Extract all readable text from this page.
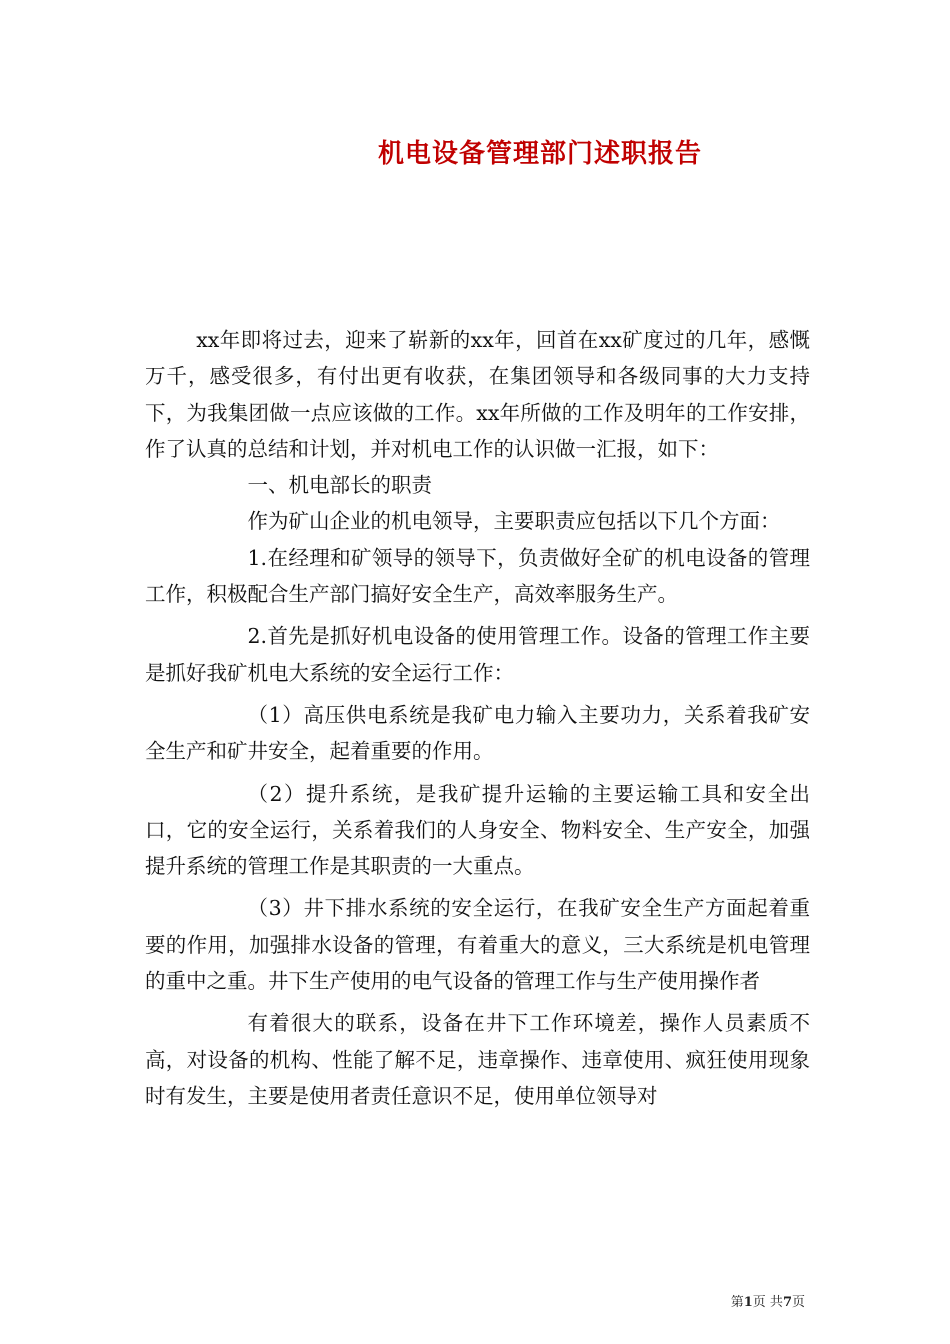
机电设备管理部门述职报告

xx年即将过去，迎来了崭新的xx年，回首在xx矿度过的几年，感慨万千，感受很多，有付出更有收获，在集团领导和各级同事的大力支持下，为我集团做一点应该做的工作。xx年所做的工作及明年的工作安排，作了认真的总结和计划，并对机电工作的认识做一汇报，如下：

一、机电部长的职责

作为矿山企业的机电领导，主要职责应包括以下几个方面：

1.在经理和矿领导的领导下，负责做好全矿的机电设备的管理工作，积极配合生产部门搞好安全生产，高效率服务生产。

2.首先是抓好机电设备的使用管理工作。设备的管理工作主要是抓好我矿机电大系统的安全运行工作：

（1）高压供电系统是我矿电力输入主要功力，关系着我矿安全生产和矿井安全，起着重要的作用。

（2）提升系统，是我矿提升运输的主要运输工具和安全出口，它的安全运行，关系着我们的人身安全、物料安全、生产安全，加强提升系统的管理工作是其职责的一大重点。

（3）井下排水系统的安全运行，在我矿安全生产方面起着重要的作用，加强排水设备的管理，有着重大的意义，三大系统是机电管理的重中之重。井下生产使用的电气设备的管理工作与生产使用操作者

有着很大的联系，设备在井下工作环境差，操作人员素质不高，对设备的机构、性能了解不足，违章操作、违章使用、疯狂使用现象时有发生，主要是使用者责任意识不足，使用单位领导对

第1页 共7页
